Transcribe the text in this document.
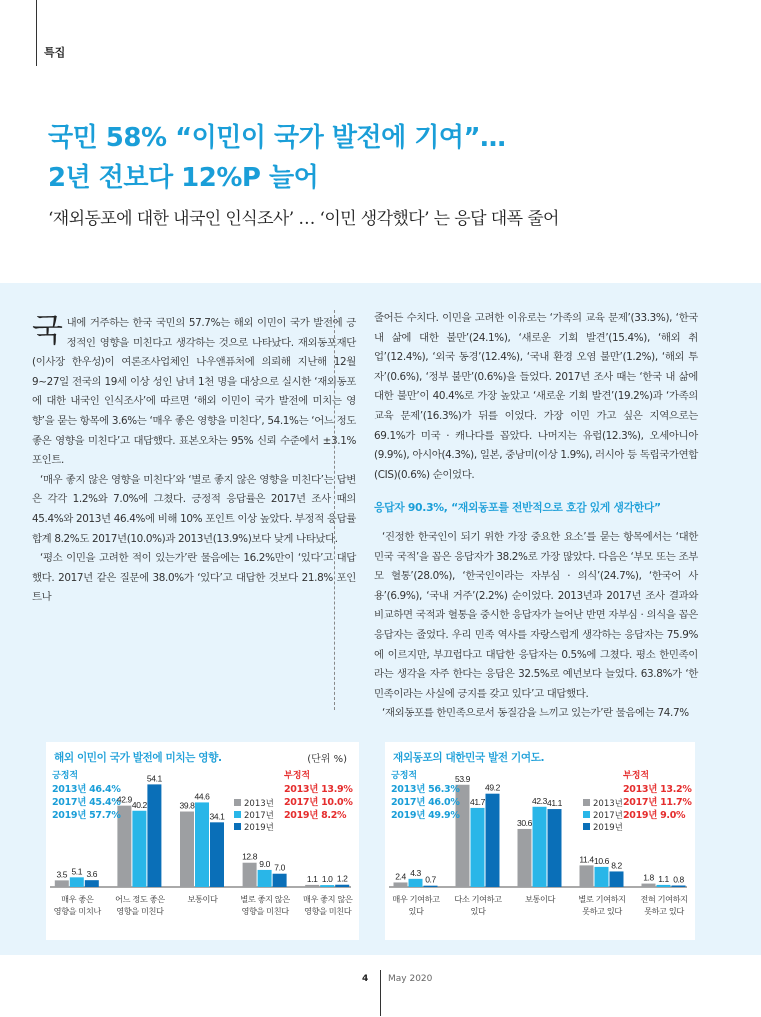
특집
국민 58% “이민이 국가 발전에 기여”…
2년 전보다 12%P 늘어
‘재외동포에 대한 내국인 인식조사’ … ‘이민 생각했다’ 는 응답 대폭 줄어

국내에 거주하는 한국 국민의 57.7%는 해외 이민이 국가 발전에 긍정적인 영향을 미친다고 생각하는 것으로 나타났다. 재외동포재단(이사장 한우성)이 여론조사업체인 나우앤퓨처에 의뢰해 지난해 12월 9~27일 전국의 19세 이상 성인 남녀 1천 명을 대상으로 실시한 ‘재외동포에 대한 내국인 인식조사’에 따르면 ‘해외 이민이 국가 발전에 미치는 영향’을 묻는 항목에 3.6%는 ‘매우 좋은 영향을 미친다’, 54.1%는 ‘어느 정도 좋은 영향을 미친다’고 대답했다. 표본오차는 95% 신뢰 수준에서 ±3.1%포인트.

‘매우 좋지 않은 영향을 미친다’와 ‘별로 좋지 않은 영향을 미친다’는 답변은 각각 1.2%와 7.0%에 그쳤다. 긍정적 응답률은 2017년 조사 때의 45.4%와 2013년 46.4%에 비해 10% 포인트 이상 높았다. 부정적 응답률 합계 8.2%도 2017년(10.0%)과 2013년(13.9%)보다 낮게 나타났다.

‘평소 이민을 고려한 적이 있는가’란 물음에는 16.2%만이 ‘있다’고 대답했다. 2017년 같은 질문에 38.0%가 ‘있다’고 대답한 것보다 21.8% 포인트나

줄어든 수치다. 이민을 고려한 이유로는 ‘가족의 교육 문제’(33.3%), ‘한국 내 삶에 대한 불만’(24.1%), ‘새로운 기회 발견’(15.4%), ‘해외 취업’(12.4%), ‘외국 동경’(12.4%), ‘국내 환경 오염 불만’(1.2%), ‘해외 투자’(0.6%), ‘정부 불만’(0.6%)을 들었다. 2017년 조사 때는 ‘한국 내 삶에 대한 불만’이 40.4%로 가장 높았고 ‘새로운 기회 발견’(19.2%)과 ‘가족의 교육 문제’(16.3%)가 뒤를 이었다. 가장 이민 가고 싶은 지역으로는 69.1%가 미국 · 캐나다를 꼽았다. 나머지는 유럽(12.3%), 오세아니아(9.9%), 아시아(4.3%), 일본, 중남미(이상 1.9%), 러시아 등 독립국가연합(CIS)(0.6%) 순이었다.

응답자 90.3%, “재외동포를 전반적으로 호감 있게 생각한다”

‘진정한 한국인이 되기 위한 가장 중요한 요소’를 묻는 항목에서는 ‘대한민국 국적’을 꼽은 응답자가 38.2%로 가장 많았다. 다음은 ‘부모 또는 조부모 혈통’(28.0%), ‘한국인이라는 자부심 · 의식’(24.7%), ‘한국어 사용’(6.9%), ‘국내 거주’(2.2%) 순이었다. 2013년과 2017년 조사 결과와 비교하면 국적과 혈통을 중시한 응답자가 늘어난 반면 자부심 · 의식을 꼽은 응답자는 줄었다. 우리 민족 역사를 자랑스럽게 생각하는 응답자는 75.9%에 이르지만, 부끄럽다고 대답한 응답자는 0.5%에 그쳤다. 평소 한민족이라는 생각을 자주 한다는 응답은 32.5%로 예년보다 늘었다. 63.8%가 ‘한민족이라는 사실에 긍지를 갖고 있다’고 대답했다.

‘재외동포를 한민족으로서 동질감을 느끼고 있는가’란 물음에는 74.7%

3.5 5.1 3.6
매우 좋은
영향을 미치나
42.9
40.2
54.1
어느 정도 좋은
영향을 미친다
39.8
44.6
34.1
보통이다
12.8
9.0 7.0
별로 좋지 않은
영향을 미친다
1.1 1.0 1.2
매우 좋지 않은
영향을 미친다
긍정적
2013년 46.4%
2017년 45.4%
2019년 57.7%
부정적
2013년 13.9%
2017년 10.0%
2019년 8.2%
2013년
2017년
2019년
해외 이민이 국가 발전에 미치는 영향.	(단위 %)
2.4 4.3
0.7
매우 기여하고
있다
53.9
41.7
49.2
다소 기여하고
있다
30.6
42.3 41.1
보통이다
11.4 10.6 8.2
별로 기여하지
못하고 있다
1.8 1.1 0.8
전혀 기여하지
못하고 있다
긍정적
2013년 56.3%
2017년 46.0%
2019년 49.9%
부정적
2013년 13.2%
2017년 11.7%
2019년 9.0%
2013년
2017년
2019년
재외동포의 대한민국 발전 기여도.
4 May 2020
